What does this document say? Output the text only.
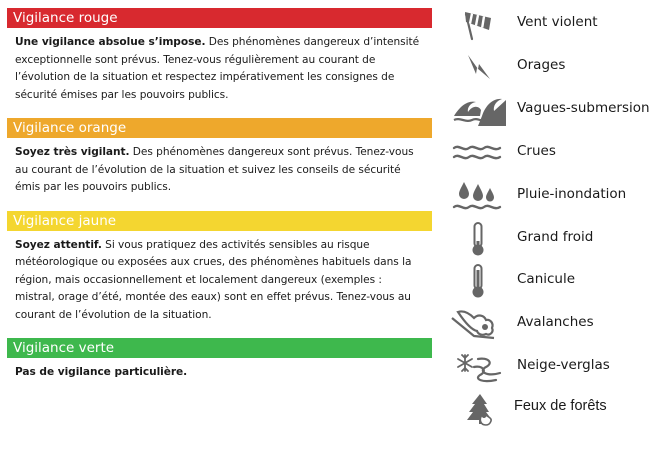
Vigilance rouge
Une vigilance absolue s’impose. Des phénomènes dangereux d’intensité exceptionnelle sont prévus. Tenez-vous régulièrement au courant de l’évolution de la situation et respectez impérativement les consignes de sécurité émises par les pouvoirs publics.
Vigilance orange
Soyez très vigilant. Des phénomènes dangereux sont prévus. Tenez-vous au courant de l’évolution de la situation et suivez les conseils de sécurité émis par les pouvoirs publics.
Vigilance jaune
Soyez attentif. Si vous pratiquez des activités sensibles au risque météorologique ou exposées aux crues, des phénomènes habituels dans la région, mais occasionnellement et localement dangereux (exemples : mistral, orage d’été, montée des eaux) sont en effet prévus. Tenez-vous au courant de l’évolution de la situation.
Vigilance verte
Pas de vigilance particulière.
Vent violent
Orages
Vagues-submersion
Crues
Pluie-inondation
Grand froid
Canicule
Avalanches
Neige-verglas
Feux de forêts
